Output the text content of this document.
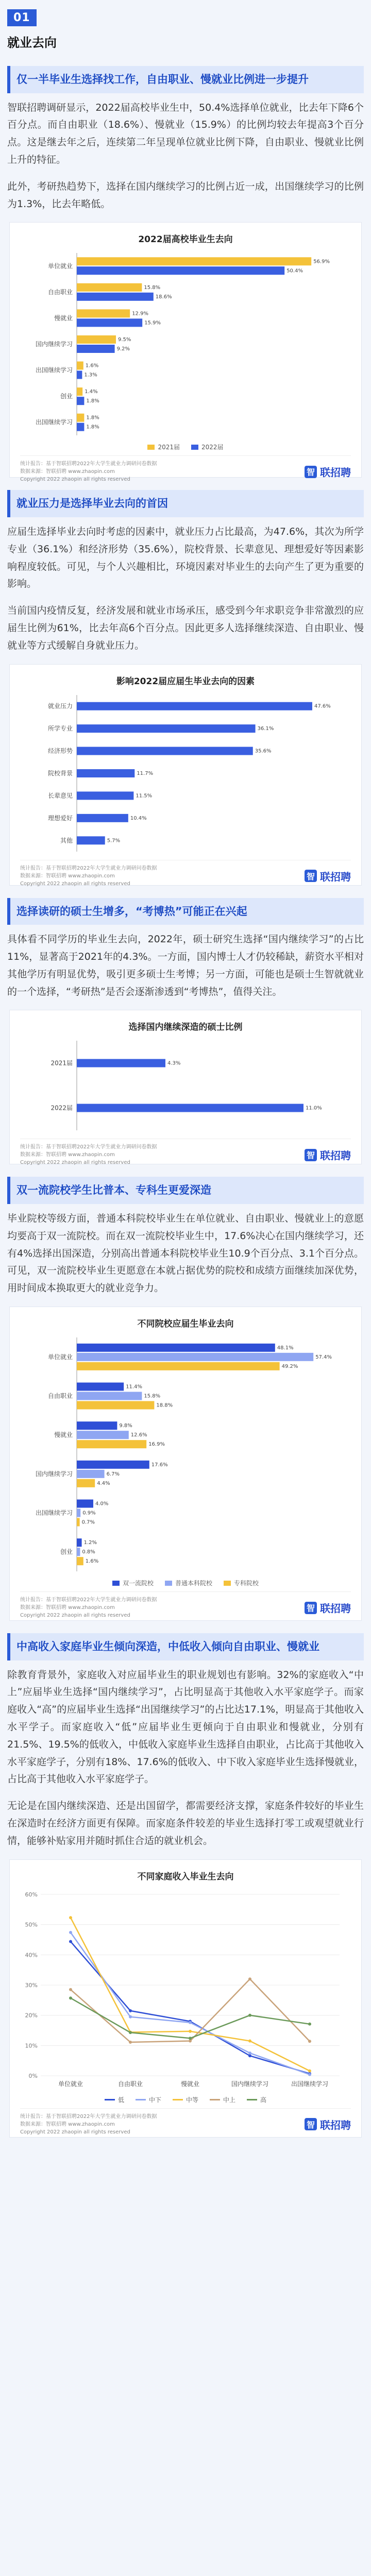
01
就业去向
仅一半毕业生选择找工作，自由职业、慢就业比例进一步提升

智联招聘调研显示，2022届高校毕业生中，50.4%选择单位就业，比去年下降6个百分点。而自由职业（18.6%）、慢就业（15.9%）的比例均较去年提高3个百分点。这是继去年之后，连续第二年呈现单位就业比例下降，自由职业、慢就业比例上升的特征。

此外，考研热趋势下，选择在国内继续学习的比例占近一成，出国继续学习的比例为1.3%，比去年略低。

2022届高校毕业生去向
单位就业
56.9%
50.4%
自由职业
15.8%
18.6%
慢就业
12.9%
15.9%
国内继续学习
9.5%
9.2%
出国继续学习
1.6%
1.3%
创业
1.4%
1.8%
出国继续学习
1.8%
1.8%
2021届	2022届
统计报告：基于智联招聘2022年大学生就业力调研问卷数据
数据来源：智联招聘 www.zhaopin.com
Copyright 2022 zhaopin all rights reserved
智 联招聘
就业压力是选择毕业去向的首因

应届生选择毕业去向时考虑的因素中，就业压力占比最高，为47.6%，其次为所学专业（36.1%）和经济形势（35.6%），院校背景、长辈意见、理想爱好等因素影响程度较低。可见，与个人兴趣相比，环境因素对毕业生的去向产生了更为重要的影响。

当前国内疫情反复，经济发展和就业市场承压，感受到今年求职竞争非常激烈的应届生比例为61%，比去年高6个百分点。因此更多人选择继续深造、自由职业、慢就业等方式缓解自身就业压力。

影响2022届应届生毕业去向的因素
就业压力	47.6%
所学专业	36.1%
经济形势	35.6%
院校背景	11.7%
长辈意见	11.5%
理想爱好	10.4%
其他	5.7%
统计报告：基于智联招聘2022年大学生就业力调研问卷数据
数据来源：智联招聘 www.zhaopin.com
Copyright 2022 zhaopin all rights reserved
智 联招聘
选择读研的硕士生增多，“考博热”可能正在兴起

具体看不同学历的毕业生去向，2022年，硕士研究生选择“国内继续学习”的占比11%，显著高于2021年的4.3%。一方面，国内博士人才仍较稀缺，薪资水平相对其他学历有明显优势，吸引更多硕士生考博；另一方面，可能也是硕士生智就就业的一个选择，“考研热”是否会逐渐渗透到“考博热”，值得关注。

选择国内继续深造的硕士比例
2021届	4.3%
2022届	11.0%
统计报告：基于智联招聘2022年大学生就业力调研问卷数据
数据来源：智联招聘 www.zhaopin.com
Copyright 2022 zhaopin all rights reserved
智 联招聘
双一流院校学生比普本、专科生更爱深造

毕业院校等级方面，普通本科院校毕业生在单位就业、自由职业、慢就业上的意愿均要高于双一流院校。而在双一流院校毕业生中，17.6%决心在国内继续学习，还有4%选择出国深造，分别高出普通本科院校毕业生10.9个百分点、3.1个百分点。可见，双一流院校毕业生更愿意在本就占据优势的院校和成绩方面继续加深优势，用时间成本换取更大的就业竞争力。

不同院校应届生毕业去向
单位就业
48.1%
57.4%
49.2%
自由职业
11.4%
15.8%
18.8%
慢就业
9.8%
12.6%
16.9%
国内继续学习
17.6%
6.7%
4.4%
出国继续学习
4.0%
0.9%
0.7%
创业
1.2%
0.8%
1.6%
双一流院校	普通本科院校	专科院校
统计报告：基于智联招聘2022年大学生就业力调研问卷数据
数据来源：智联招聘 www.zhaopin.com
Copyright 2022 zhaopin all rights reserved
智 联招聘
中高收入家庭毕业生倾向深造，中低收入倾向自由职业、慢就业

除教育背景外，家庭收入对应届毕业生的职业规划也有影响。32%的家庭收入“中上”应届毕业生选择“国内继续学习”，占比明显高于其他收入水平家庭学子。而家庭收入“高”的应届毕业生选择“出国继续学习”的占比达17.1%，明显高于其他收入水平学子。而家庭收入“低”应届毕业生更倾向于自由职业和慢就业，分别有21.5%、19.5%的低收入，中低收入家庭毕业生选择自由职业，占比高于其他收入水平家庭学子，分别有18%、17.6%的低收入、中下收入家庭毕业生选择慢就业，占比高于其他收入水平家庭学子。

无论是在国内继续深造、还是出国留学，都需要经济支撑，家庭条件较好的毕业生在深造时在经济方面更有保障。而家庭条件较差的毕业生选择打零工或观望就业行情，能够补贴家用并随时抓住合适的就业机会。

不同家庭收入毕业生去向
0%
10%
20%
30%
40%
50%
60%
单位就业	自由职业	慢就业	国内继续学习	出国继续学习
低	中下	中等	中上	高
统计报告：基于智联招聘2022年大学生就业力调研问卷数据
数据来源：智联招聘 www.zhaopin.com
Copyright 2022 zhaopin all rights reserved
智 联招聘
